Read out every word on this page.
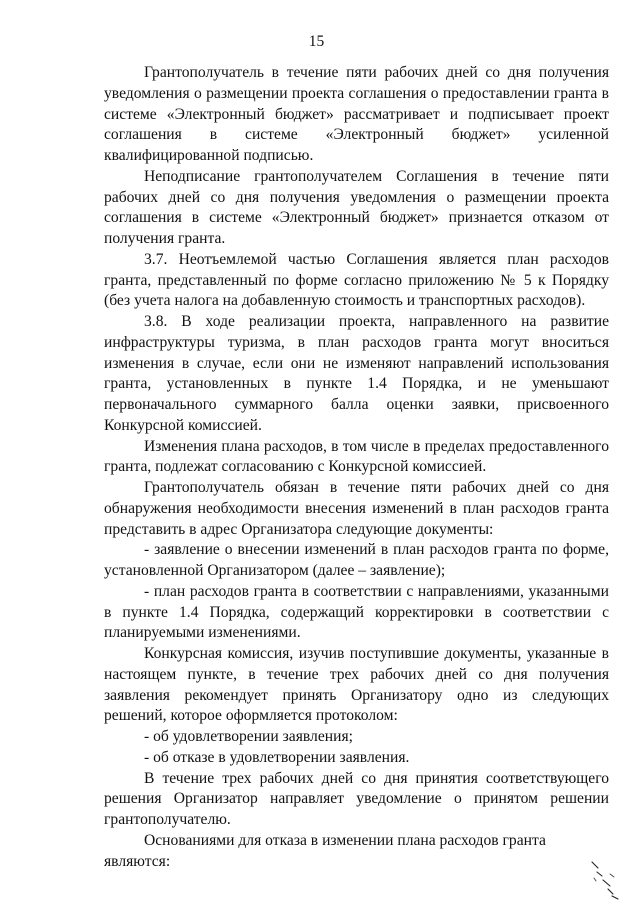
15

Грантополучатель в течение пяти рабочих дней со дня получения уведомления о размещении проекта соглашения о предоставлении гранта в системе «Электронный бюджет» рассматривает и подписывает проект соглашения в системе «Электронный бюджет» усиленной квалифицированной подписью.

Неподписание грантополучателем Соглашения в течение пяти рабочих дней со дня получения уведомления о размещении проекта соглашения в системе «Электронный бюджет» признается отказом от получения гранта.

3.7. Неотъемлемой частью Соглашения является план расходов гранта, представленный по форме согласно приложению № 5 к Порядку (без учета налога на добавленную стоимость и транспортных расходов).

3.8. В ходе реализации проекта, направленного на развитие инфраструктуры туризма, в план расходов гранта могут вноситься изменения в случае, если они не изменяют направлений использования гранта, установленных в пункте 1.4 Порядка, и не уменьшают первоначального суммарного балла оценки заявки, присвоенного Конкурсной комиссией.

Изменения плана расходов, в том числе в пределах предоставленного гранта, подлежат согласованию с Конкурсной комиссией.

Грантополучатель обязан в течение пяти рабочих дней со дня обнаружения необходимости внесения изменений в план расходов гранта представить в адрес Организатора следующие документы:

- заявление о внесении изменений в план расходов гранта по форме, установленной Организатором (далее – заявление);

- план расходов гранта в соответствии с направлениями, указанными в пункте 1.4 Порядка, содержащий корректировки в соответствии с планируемыми изменениями.

Конкурсная комиссия, изучив поступившие документы, указанные в настоящем пункте, в течение трех рабочих дней со дня получения заявления рекомендует принять Организатору одно из следующих решений, которое оформляется протоколом:

- об удовлетворении заявления;

- об отказе в удовлетворении заявления.

В течение трех рабочих дней со дня принятия соответствующего решения Организатор направляет уведомление о принятом решении грантополучателю.

Основаниями для отказа в изменении плана расходов гранта являются:
